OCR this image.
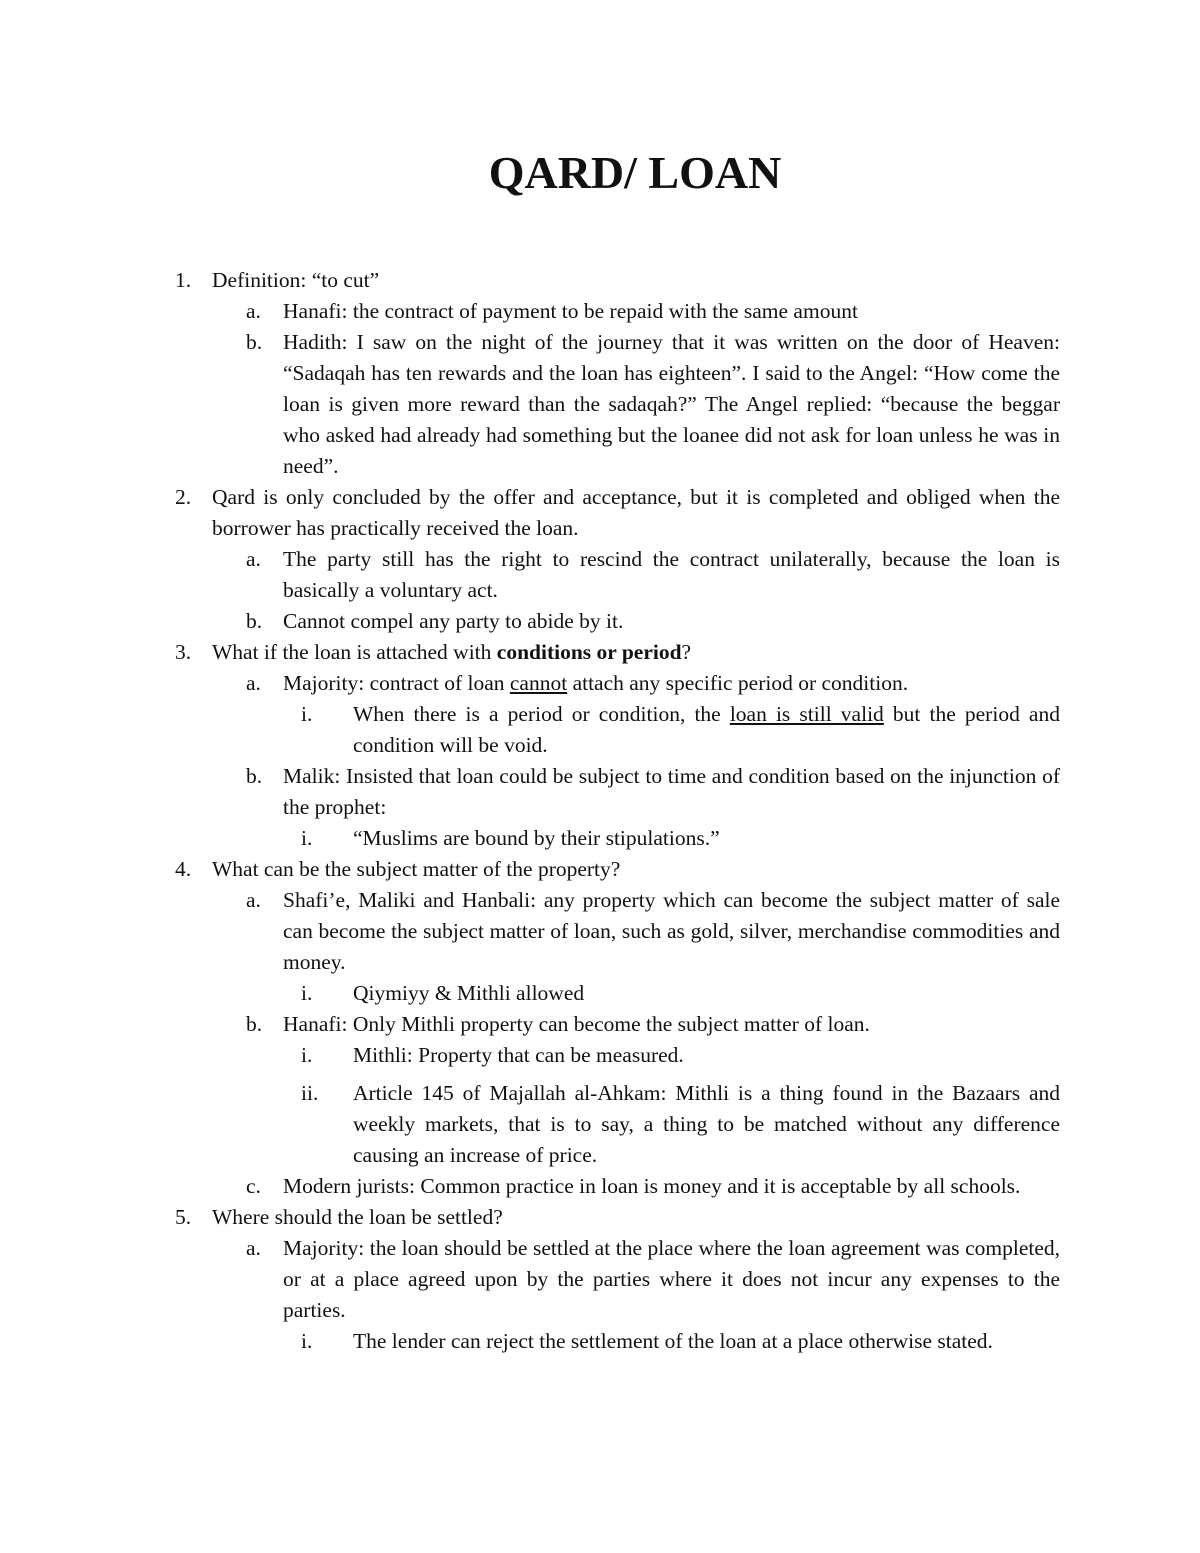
QARD/ LOAN
1. Definition: “to cut”
a. Hanafi: the contract of payment to be repaid with the same amount
b. Hadith: I saw on the night of the journey that it was written on the door of Heaven: “Sadaqah has ten rewards and the loan has eighteen”. I said to the Angel: “How come the loan is given more reward than the sadaqah?” The Angel replied: “because the beggar who asked had already had something but the loanee did not ask for loan unless he was in need”.
2. Qard is only concluded by the offer and acceptance, but it is completed and obliged when the borrower has practically received the loan.
a. The party still has the right to rescind the contract unilaterally, because the loan is basically a voluntary act.
b. Cannot compel any party to abide by it.
3. What if the loan is attached with conditions or period?
a. Majority: contract of loan cannot attach any specific period or condition.
i. When there is a period or condition, the loan is still valid but the period and condition will be void.
b. Malik: Insisted that loan could be subject to time and condition based on the injunction of the prophet:
i. “Muslims are bound by their stipulations.”
4. What can be the subject matter of the property?
a. Shafi’e, Maliki and Hanbali: any property which can become the subject matter of sale can become the subject matter of loan, such as gold, silver, merchandise commodities and money.
i. Qiymiyy & Mithli allowed
b. Hanafi: Only Mithli property can become the subject matter of loan.
i. Mithli: Property that can be measured.
ii. Article 145 of Majallah al-Ahkam: Mithli is a thing found in the Bazaars and weekly markets, that is to say, a thing to be matched without any difference causing an increase of price.
c. Modern jurists: Common practice in loan is money and it is acceptable by all schools.
5. Where should the loan be settled?
a. Majority: the loan should be settled at the place where the loan agreement was completed, or at a place agreed upon by the parties where it does not incur any expenses to the parties.
i. The lender can reject the settlement of the loan at a place otherwise stated.
